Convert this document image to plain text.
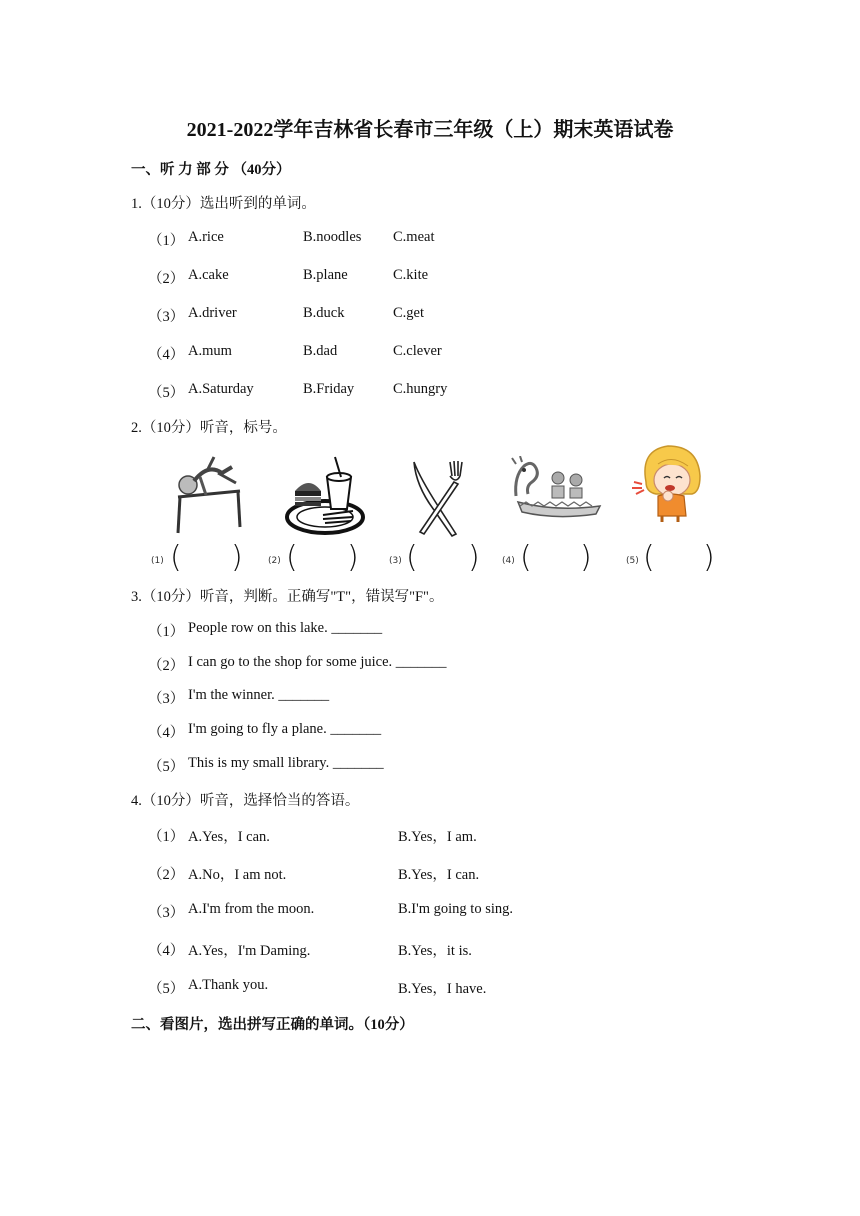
2021-2022学年吉林省长春市三年级（上）期末英语试卷
一、听 力 部 分 （40分）
1.（10分）选出听到的单词。
（1） A.rice	B.noodles C.meat
（2） A.cake	B.plane	C.kite
（3） A.driver	B.duck	C.get
（4） A.mum	B.dad	C.clever
（5） A.Saturday	B.Friday	C.hungry
2.（10分）听音，标号。
(1) ( )	(2) ( )	(3) ( ) (4) ( )	(5) ( )
3.（10分）听音，判断。正确写"T"，错误写"F"。
（1） People row on this lake. _______
（2） I can go to the shop for some juice. _______
（3） I'm the winner. _______
（4） I'm going to fly a plane. _______
（5） This is my small library. _______
4.（10分）听音，选择恰当的答语。
（1） A.Yes，I can.	B.Yes，I am.
（2） A.No，I am not.	B.Yes，I can.
（3） A.I'm from the moon.	B.I'm going to sing.
（4） A.Yes，I'm Daming.	B.Yes，it is.
（5） A.Thank you.	B.Yes，I have.
二、看图片，选出拼写正确的单词。（10分）
